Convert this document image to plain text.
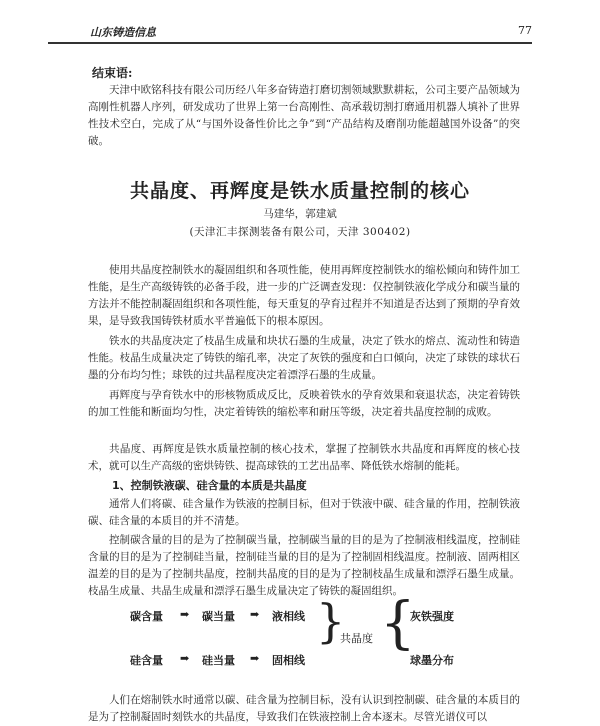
山东铸造信息	77
结束语:

天津中欧铭科技有限公司历经八年多奋铸造打磨切割领域默默耕耘，公司主要产品领域为高刚性机器人序列，研发成功了世界上第一台高刚性、高承载切割打磨通用机器人填补了世界性技术空白，完成了从“与国外设备性价比之争”到“产品结构及磨削功能超越国外设备”的突破。

共晶度、再辉度是铁水质量控制的核心
马建华，郭建斌
(天津汇丰探测装备有限公司，天津 300402)

使用共晶度控制铁水的凝固组织和各项性能，使用再辉度控制铁水的缩松倾向和铸件加工性能，是生产高级铸铁的必备手段，进一步的广泛调查发现：仅控制铁液化学成分和碳当量的方法并不能控制凝固组织和各项性能，每天重复的孕育过程并不知道是否达到了预期的孕育效果，是导致我国铸铁材质水平普遍低下的根本原因。

铁水的共晶度决定了枝晶生成量和块状石墨的生成量，决定了铁水的熔点、流动性和铸造性能。枝晶生成量决定了铸铁的缩孔率，决定了灰铁的强度和白口倾向，决定了球铁的球状石墨的分布均匀性；球铁的过共晶程度决定着漂浮石墨的生成量。

再辉度与孕育铁水中的形核物质成反比，反映着铁水的孕育效果和衰退状态，决定着铸铁的加工性能和断面均匀性，决定着铸铁的缩松率和耐压等级，决定着共晶度控制的成败。

共晶度、再辉度是铁水质量控制的核心技术，掌握了控制铁水共晶度和再辉度的核心技术，就可以生产高级的密烘铸铁、提高球铁的工艺出品率、降低铁水熔制的能耗。

1、控制铁液碳、硅含量的本质是共晶度

通常人们将碳、硅含量作为铁液的控制目标，但对于铁液中碳、硅含量的作用，控制铁液碳、硅含量的本质目的并不清楚。

控制碳含量的目的是为了控制碳当量，控制碳当量的目的是为了控制液相线温度，控制硅含量的目的是为了控制硅当量，控制硅当量的目的是为了控制固相线温度。控制液、固两相区温差的目的是为了控制共晶度，控制共晶度的目的是为了控制枝晶生成量和漂浮石墨生成量。枝晶生成量、共晶生成量和漂浮石墨生成量决定了铸铁的凝固组织。

碳含量 ➡ 碳当量 ➡ 液相线
硅含量 ➡ 硅当量 ➡ 固相线
}
共晶度 {
灰铁强度
球墨分布

人们在熔制铁水时通常以碳、硅含量为控制目标，没有认识到控制碳、硅含量的本质目的是为了控制凝固时刻铁水的共晶度，导致我们在铁液控制上舍本逐末。尽管光谱仪可以
